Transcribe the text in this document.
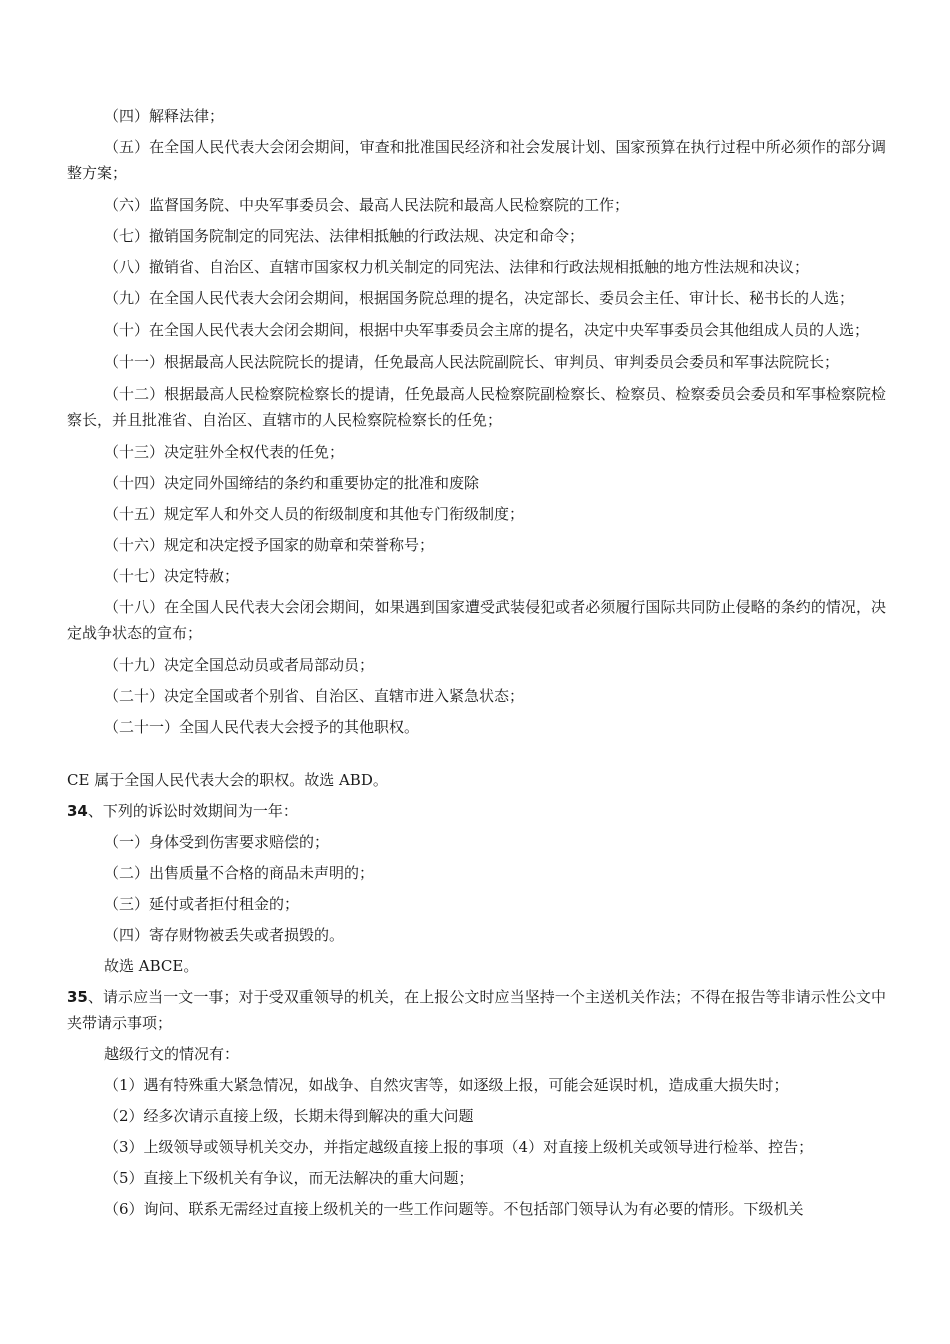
（四）解释法律；

（五）在全国人民代表大会闭会期间，审查和批准国民经济和社会发展计划、国家预算在执行过程中所必须作的部分调整方案；

（六）监督国务院、中央军事委员会、最高人民法院和最高人民检察院的工作；

（七）撤销国务院制定的同宪法、法律相抵触的行政法规、决定和命令；

（八）撤销省、自治区、直辖市国家权力机关制定的同宪法、法律和行政法规相抵触的地方性法规和决议；

（九）在全国人民代表大会闭会期间，根据国务院总理的提名，决定部长、委员会主任、审计长、秘书长的人选；

（十）在全国人民代表大会闭会期间，根据中央军事委员会主席的提名，决定中央军事委员会其他组成人员的人选；

（十一）根据最高人民法院院长的提请，任免最高人民法院副院长、审判员、审判委员会委员和军事法院院长；

（十二）根据最高人民检察院检察长的提请，任免最高人民检察院副检察长、检察员、检察委员会委员和军事检察院检察长，并且批准省、自治区、直辖市的人民检察院检察长的任免；

（十三）决定驻外全权代表的任免；

（十四）决定同外国缔结的条约和重要协定的批准和废除

（十五）规定军人和外交人员的衔级制度和其他专门衔级制度；

（十六）规定和决定授予国家的勋章和荣誉称号；

（十七）决定特赦；

（十八）在全国人民代表大会闭会期间，如果遇到国家遭受武装侵犯或者必须履行国际共同防止侵略的条约的情况，决定战争状态的宣布；

（十九）决定全国总动员或者局部动员；

（二十）决定全国或者个别省、自治区、直辖市进入紧急状态；

（二十一）全国人民代表大会授予的其他职权。

CE 属于全国人民代表大会的职权。故选 ABD。

34、下列的诉讼时效期间为一年：

（一）身体受到伤害要求赔偿的；

（二）出售质量不合格的商品未声明的；

（三）延付或者拒付租金的；

（四）寄存财物被丢失或者损毁的。

故选 ABCE。

35、请示应当一文一事；对于受双重领导的机关，在上报公文时应当坚持一个主送机关作法；不得在报告等非请示性公文中夹带请示事项；

越级行文的情况有：

（1）遇有特殊重大紧急情况，如战争、自然灾害等，如逐级上报，可能会延误时机，造成重大损失时；

（2）经多次请示直接上级，长期未得到解决的重大问题

（3）上级领导或领导机关交办，并指定越级直接上报的事项（4）对直接上级机关或领导进行检举、控告；

（5）直接上下级机关有争议，而无法解决的重大问题；

（6）询问、联系无需经过直接上级机关的一些工作问题等。不包括部门领导认为有必要的情形。下级机关
